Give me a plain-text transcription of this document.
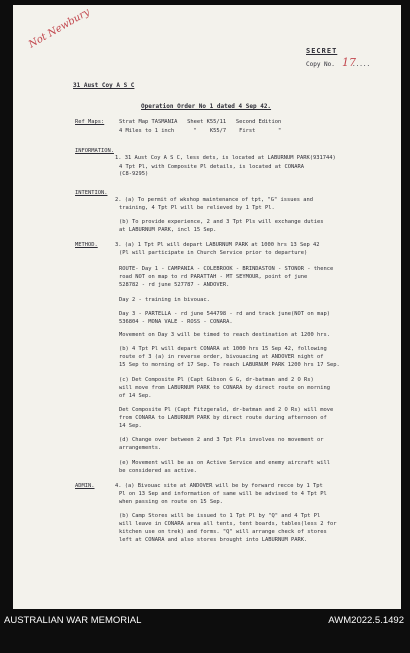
Not Newbury
SECRET
Copy No. 17
.....
31 Aust Coy A S C
Operation Order No 1 dated 4 Sep 42.
Ref Maps:	Strat Map TASMANIA   Sheet K55/11   Second Edition
4 Miles to 1 inch      "    K55/7    First       "
INFORMATION.
1. 31 Aust Coy A S C, less dets, is located at LABURNUM PARK(931744)
4 Tpt Pl, with Composite Pl details, is located at CONARA
(C8-9295)
INTENTION.
2. (a) To permit of wkshop maintenance of tpt, "G" issues and
training, 4 Tpt Pl will be relieved by 1 Tpt Pl.
(b) To provide experience, 2 and 3 Tpt Pls will exchange duties
at LABURNUM PARK, incl 15 Sep.
METHOD.	3. (a) 1 Tpt Pl will depart LABURNUM PARK at 1000 hrs 13 Sep 42
(Pl will participate in Church Service prior to departure)
ROUTE- Day 1 - CAMPANIA - COLEBROOK - BRINDASTON - STONOR - thence
road NOT on map to rd PARATTAH - MT SEYMOUR, point of june
528782 - rd june 527787 - ANDOVER.
Day 2 - training in bivouac.
Day 3 - PARTELLA - rd june 544798 - rd and track june(NOT on map)
536804 - MONA VALE - ROSS - CONARA.
Movement on Day 3 will be timed to reach destination at 1200 hrs.
(b) 4 Tpt Pl will depart CONARA at 1000 hrs 15 Sep 42, following
route of 3 (a) in reverse order, bivouacing at ANDOVER night of
15 Sep to morning of 17 Sep. To reach LABURNUM PARK 1200 hrs 17 Sep.
(c) Det Composite Pl (Capt Gibson G G, dr-batman and 2 O Rs)
will move from LABURNUM PARK to CONARA by direct route on morning
of 14 Sep.
Det Composite Pl (Capt Fitzgerald, dr-batman and 2 O Rs) will move
from CONARA to LABURNUM PARK by direct route during afternoon of
14 Sep.
(d) Change over between 2 and 3 Tpt Pls involves no movement or
arrangements.
(e) Movement will be as on Active Service and enemy aircraft will
be considered as active.
ADMIN.	4. (a) Bivouac site at ANDOVER will be by forward recce by 1 Tpt
Pl on 13 Sep and information of same will be advised to 4 Tpt Pl
when passing on route on 15 Sep.
(b) Camp Stores will be issued to 1 Tpt Pl by "Q" and 4 Tpt Pl
will leave in CONARA area all tents, tent boards, tables(less 2 for
kitchen use on trek) and forms. "Q" will arrange check of stores
left at CONARA and also stores brought into LABURNUM PARK.
AUSTRALIAN WAR MEMORIAL	AWM2022.5.1492
